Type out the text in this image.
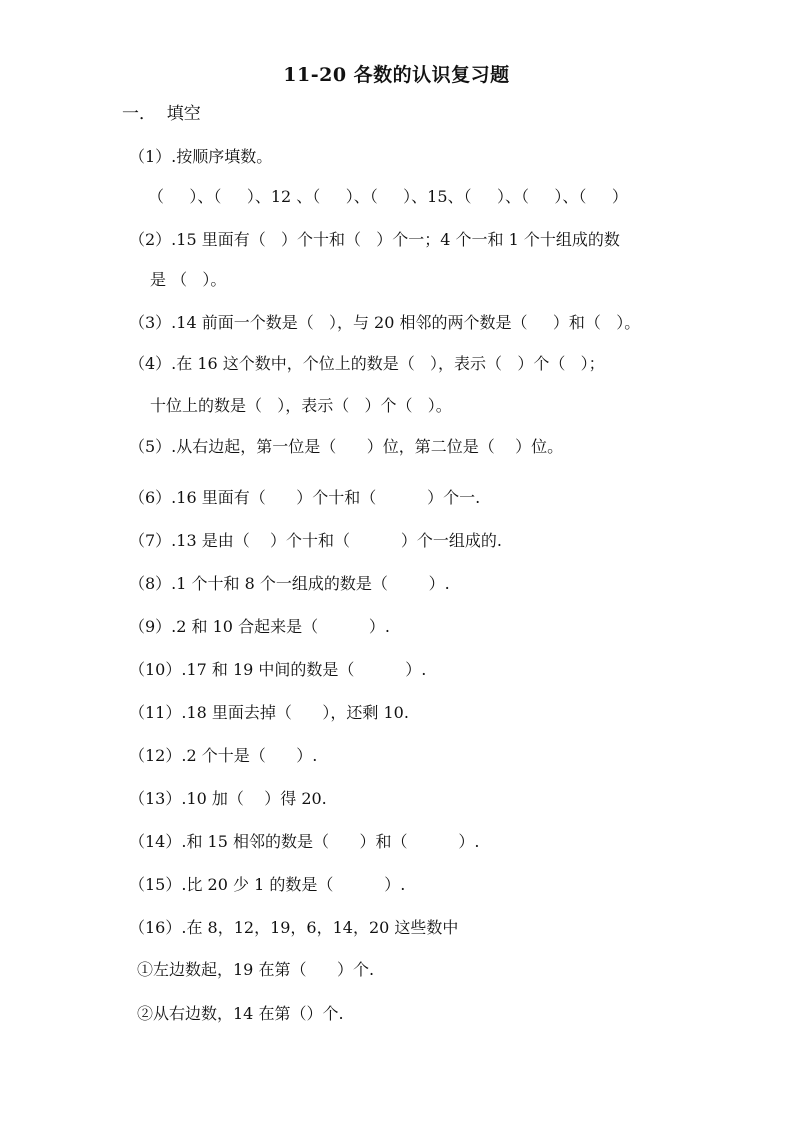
11-20 各数的认识复习题
一．  填空
（1）.按顺序填数。
（     ）、（     ）、12 、（     ）、（     ）、15、（     ）、（     ）、（     ）
（2）.15 里面有（   ）个十和（   ）个一；4 个一和 1 个十组成的数
是 （   ）。
（3）.14 前面一个数是（   ），与 20 相邻的两个数是（     ）和（   ）。
（4）.在 16 这个数中，个位上的数是（   ），表示（   ）个（   ）；
十位上的数是（   ），表示（   ）个（   ）。
（5）.从右边起，第一位是（      ）位，第二位是（    ）位。
（6）.16 里面有（      ）个十和（          ）个一.
（7）.13 是由（    ）个十和（          ）个一组成的.
（8）.1 个十和 8 个一组成的数是（        ）.
（9）.2 和 10 合起来是（          ）.
（10）.17 和 19 中间的数是（          ）.
（11）.18 里面去掉（      ），还剩 10.
（12）.2 个十是（      ）.
（13）.10 加（    ）得 20.
（14）.和 15 相邻的数是（      ）和（          ）.
（15）.比 20 少 1 的数是（          ）.
（16）.在 8，12，19，6，14，20 这些数中
①左边数起，19 在第（      ）个.
②从右边数，14 在第（）个.
